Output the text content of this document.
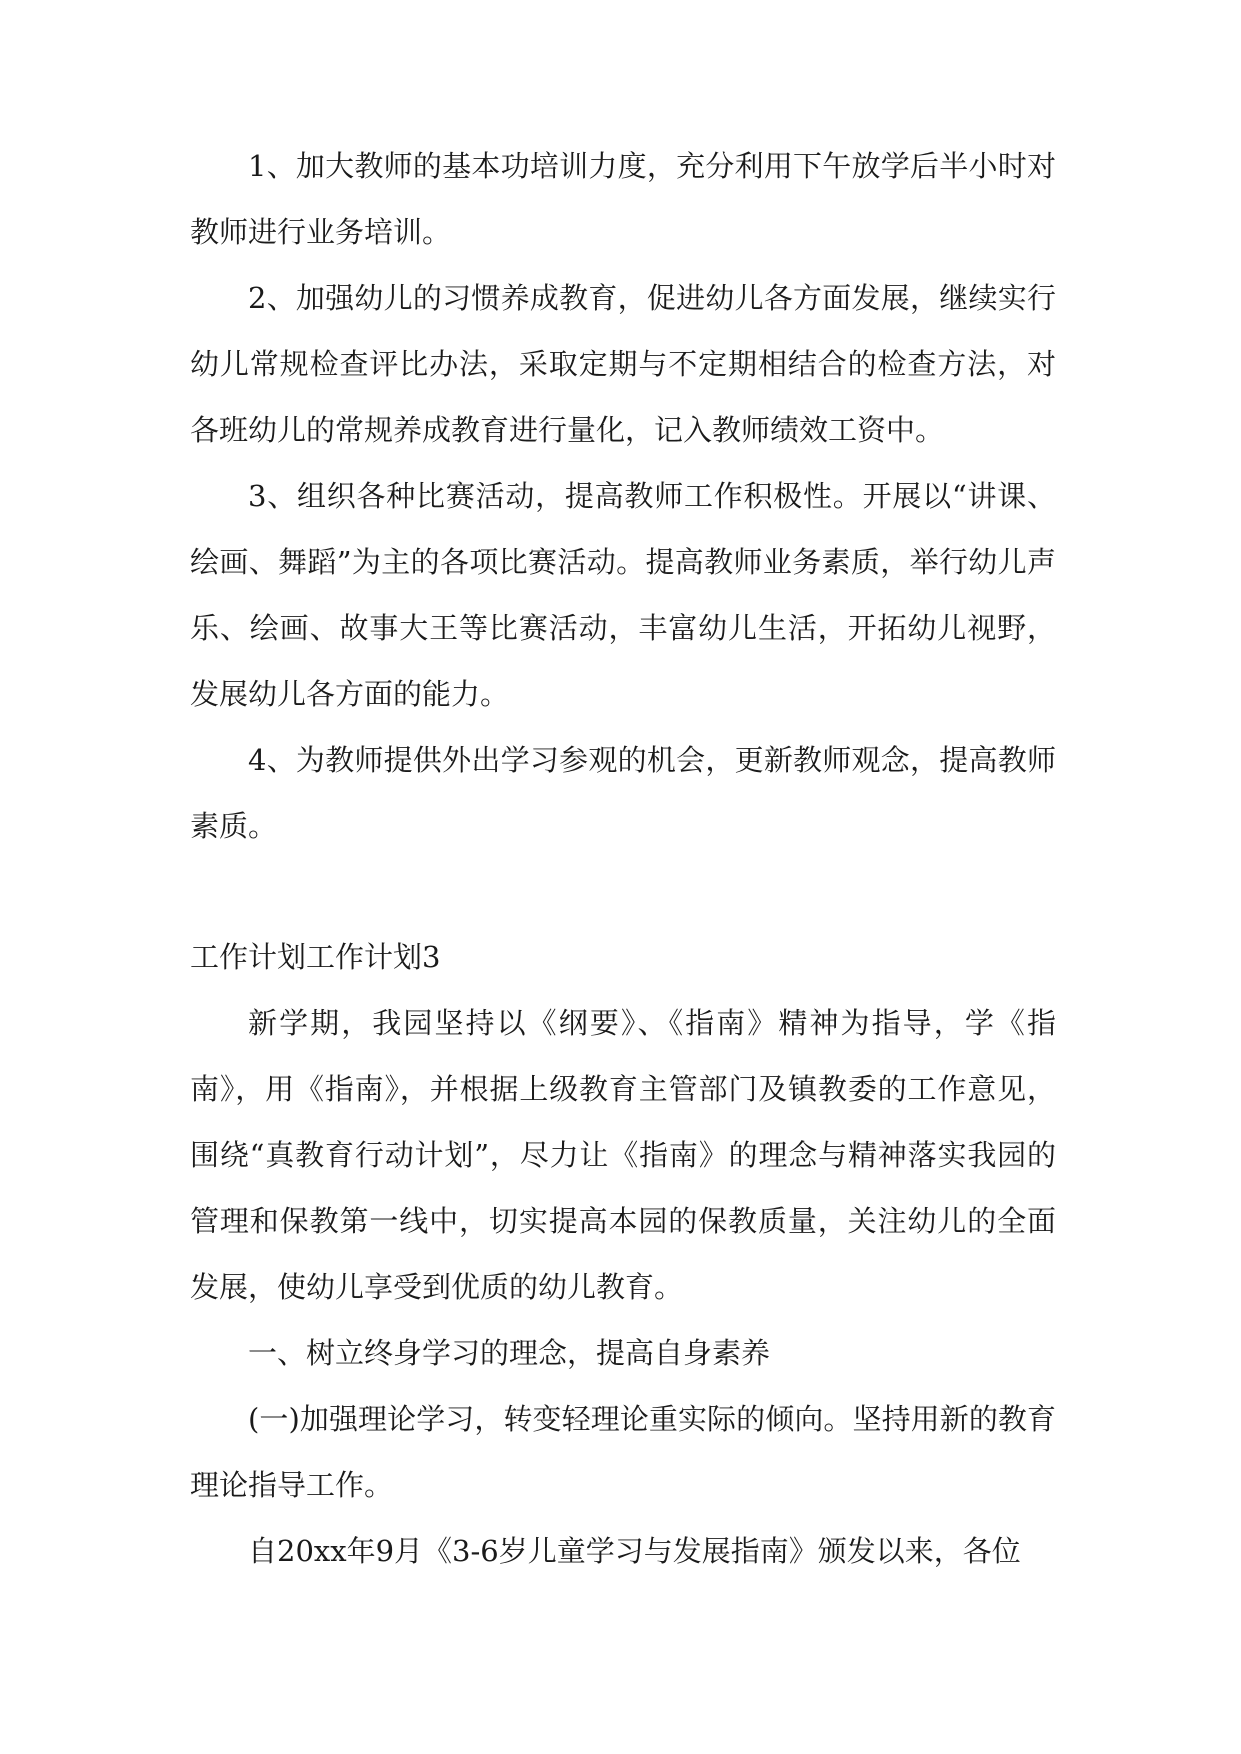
1、加大教师的基本功培训力度，充分利用下午放学后半小时对教师进行业务培训。

2、加强幼儿的习惯养成教育，促进幼儿各方面发展，继续实行幼儿常规检查评比办法，采取定期与不定期相结合的检查方法，对各班幼儿的常规养成教育进行量化，记入教师绩效工资中。

3、组织各种比赛活动，提高教师工作积极性。开展以“讲课、绘画、舞蹈”为主的各项比赛活动。提高教师业务素质，举行幼儿声乐、绘画、故事大王等比赛活动，丰富幼儿生活，开拓幼儿视野，发展幼儿各方面的能力。

4、为教师提供外出学习参观的机会，更新教师观念，提高教师素质。

工作计划工作计划3

新学期，我园坚持以《纲要》、《指南》精神为指导，学《指南》，用《指南》，并根据上级教育主管部门及镇教委的工作意见，围绕“真教育行动计划”，尽力让《指南》的理念与精神落实我园的管理和保教第一线中，切实提高本园的保教质量，关注幼儿的全面发展，使幼儿享受到优质的幼儿教育。

一、树立终身学习的理念，提高自身素养

(一)加强理论学习，转变轻理论重实际的倾向。坚持用新的教育理论指导工作。

自20xx年9月《3-6岁儿童学习与发展指南》颁发以来，各位
